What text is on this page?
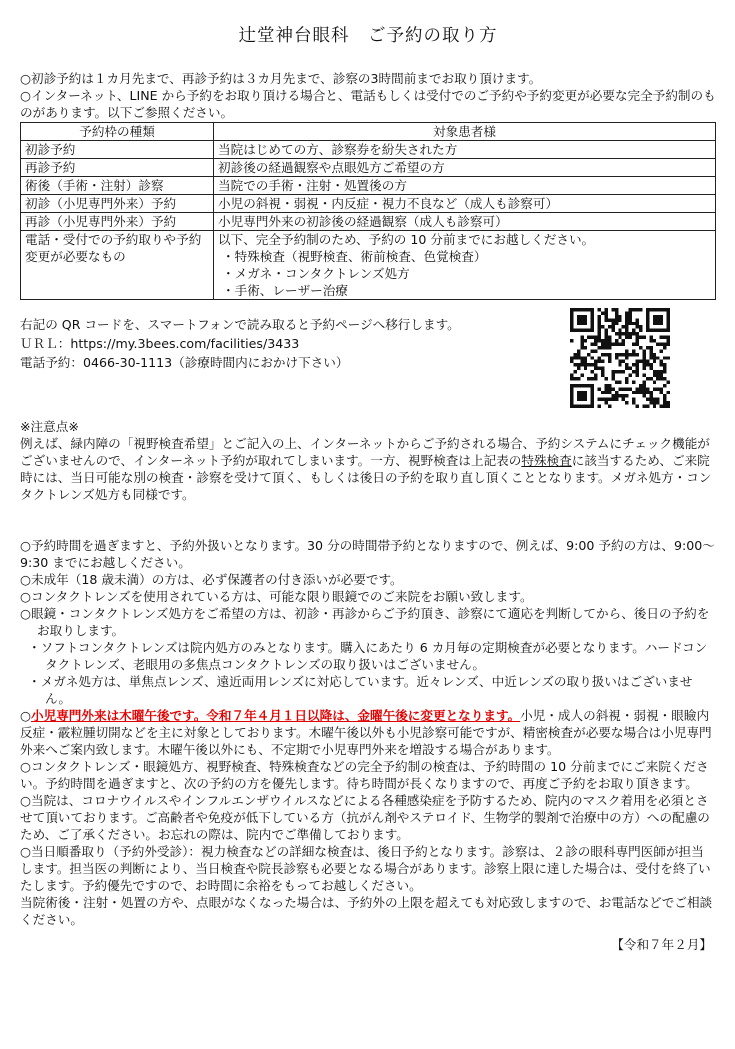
辻堂神台眼科　ご予約の取り方

○初診予約は１カ月先まで、再診予約は３カ月先まで、診察の3時間前までお取り頂けます。

○インターネット、LINE から予約をお取り頂ける場合と、電話もしくは受付でのご予約や予約変更が必要な完全予約制のものがあります。以下ご参照ください。

予約枠の種類	対象患者様
初診予約	当院はじめての方、診察券を紛失された方
再診予約	初診後の経過観察や点眼処方ご希望の方
術後（手術・注射）診察	当院での手術・注射・処置後の方
初診（小児専門外来）予約	小児の斜視・弱視・内反症・視力不良など（成人も診察可）
再診（小児専門外来）予約	小児専門外来の初診後の経過観察（成人も診察可）
電話・受付での予約取りや予約変更が必要なもの	以下、完全予約制のため、予約の 10 分前までにお越しください。
・特殊検査（視野検査、術前検査、色覚検査）
・メガネ・コンタクトレンズ処方
・手術、レーザー治療

右記の QR コードを、スマートフォンで読み取ると予約ページへ移行します。

ＵＲＬ：https://my.3bees.com/facilities/3433

電話予約：0466-30-1113（診療時間内におかけ下さい）

※注意点※

例えば、緑内障の「視野検査希望」とご記入の上、インターネットからご予約される場合、予約システムにチェック機能がございませんので、インターネット予約が取れてしまいます。一方、視野検査は上記表の特殊検査に該当するため、ご来院時には、当日可能な別の検査・診察を受けて頂く、もしくは後日の予約を取り直し頂くこととなります。メガネ処方・コンタクトレンズ処方も同様です。

○予約時間を過ぎますと、予約外扱いとなります。30 分の時間帯予約となりますので、例えば、9:00 予約の方は、9:00～9:30 までにお越しください。

○未成年（18 歳未満）の方は、必ず保護者の付き添いが必要です。

○コンタクトレンズを使用されている方は、可能な限り眼鏡でのご来院をお願い致します。

○眼鏡・コンタクトレンズ処方をご希望の方は、初診・再診からご予約頂き、診察にて適応を判断してから、後日の予約をお取りします。

・ソフトコンタクトレンズは院内処方のみとなります。購入にあたり 6 カ月毎の定期検査が必要となります。ハードコンタクトレンズ、老眼用の多焦点コンタクトレンズの取り扱いはございません。

・メガネ処方は、単焦点レンズ、遠近両用レンズに対応しています。近々レンズ、中近レンズの取り扱いはございません。

○小児専門外来は木曜午後です。令和７年４月１日以降は、金曜午後に変更となります。小児・成人の斜視・弱視・眼瞼内反症・霰粒腫切開などを主に対象としております。木曜午後以外も小児診察可能ですが、精密検査が必要な場合は小児専門外来へご案内致します。木曜午後以外にも、不定期で小児専門外来を増設する場合があります。

○コンタクトレンズ・眼鏡処方、視野検査、特殊検査などの完全予約制の検査は、予約時間の 10 分前までにご来院ください。予約時間を過ぎますと、次の予約の方を優先します。待ち時間が長くなりますので、再度ご予約をお取り頂きます。

○当院は、コロナウイルスやインフルエンザウイルスなどによる各種感染症を予防するため、院内のマスク着用を必須とさせて頂いております。ご高齢者や免疫が低下している方（抗がん剤やステロイド、生物学的製剤で治療中の方）への配慮のため、ご了承ください。お忘れの際は、院内でご準備しております。

○当日順番取り（予約外受診）：視力検査などの詳細な検査は、後日予約となります。診察は、２診の眼科専門医師が担当します。担当医の判断により、当日検査や院長診察も必要となる場合があります。診察上限に達した場合は、受付を終了いたします。予約優先ですので、お時間に余裕をもってお越しください。

当院術後・注射・処置の方や、点眼がなくなった場合は、予約外の上限を超えても対応致しますので、お電話などでご相談ください。

【令和７年２月】
